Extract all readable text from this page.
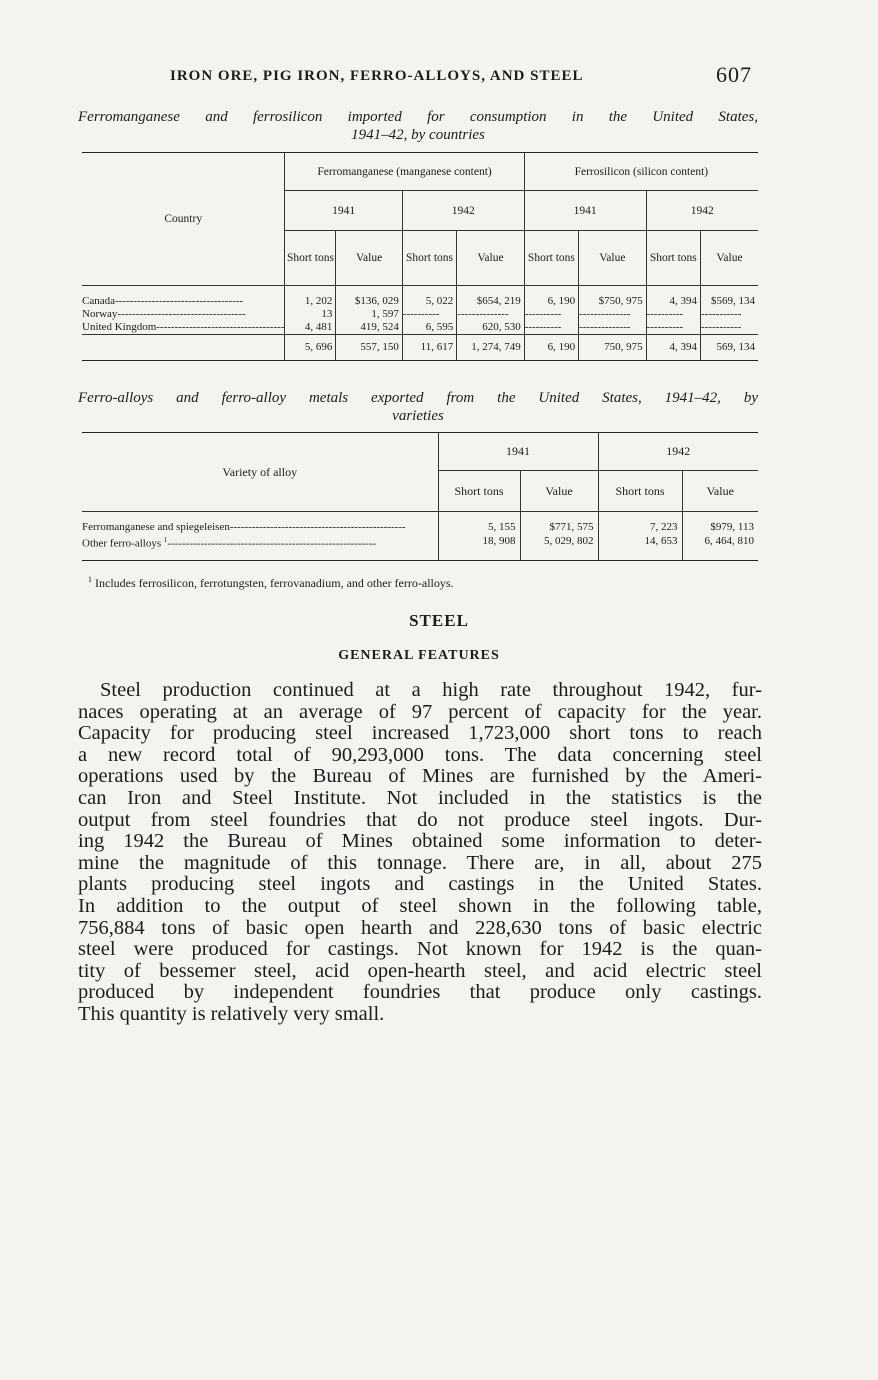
IRON ORE, PIG IRON, FERRO-ALLOYS, AND STEEL	607
Ferromanganese and ferrosilicon imported for consumption in the United States,
1941–42, by countries
Country	Ferromanganese (manganese content)				Ferrosilicon (silicon content)			
	1941		1942		1941		1942	
	Short tons	Value	Short tons	Value	Short tons	Value	Short tons	Value

Canada-----------------------------------	1, 202	$136, 029	5, 022	$654, 219	6, 190	$750, 975	4, 394	$569, 134

Norway-----------------------------------	13	1, 597	----------	--------------	----------	--------------	----------	-----------

United Kingdom-----------------------------------	4, 481	419, 524	6, 595	620, 530	----------	--------------	----------	-----------

	5, 696	557, 150	11, 617	1, 274, 749	6, 190	750, 975	4, 394	569, 134
Ferro-alloys and ferro-alloy metals exported from the United States, 1941–42, by
varieties
Variety of alloy	1941		1942	
	Short tons	Value	Short tons	Value

Ferromanganese and spiegeleisen------------------------------------------------	5, 155	$771, 575	7, 223	$979, 113

Other ferro-alloys $^1$---------------------------------------------------------	18, 908	5, 029, 802	14, 653	6, 464, 810
$^1$ Includes ferrosilicon, ferrotungsten, ferrovanadium, and other ferro-alloys.
STEEL
GENERAL FEATURES
Steel production continued at a high rate throughout 1942, fur-
naces operating at an average of 97 percent of capacity for the year.
Capacity for producing steel increased 1,723,000 short tons to reach
a new record total of 90,293,000 tons. The data concerning steel
operations used by the Bureau of Mines are furnished by the Ameri-
can Iron and Steel Institute. Not included in the statistics is the
output from steel foundries that do not produce steel ingots. Dur-
ing 1942 the Bureau of Mines obtained some information to deter-
mine the magnitude of this tonnage. There are, in all, about 275
plants producing steel ingots and castings in the United States.
In addition to the output of steel shown in the following table,
756,884 tons of basic open hearth and 228,630 tons of basic electric
steel were produced for castings. Not known for 1942 is the quan-
tity of bessemer steel, acid open-hearth steel, and acid electric steel
produced by independent foundries that produce only castings.
This quantity is relatively very small.
